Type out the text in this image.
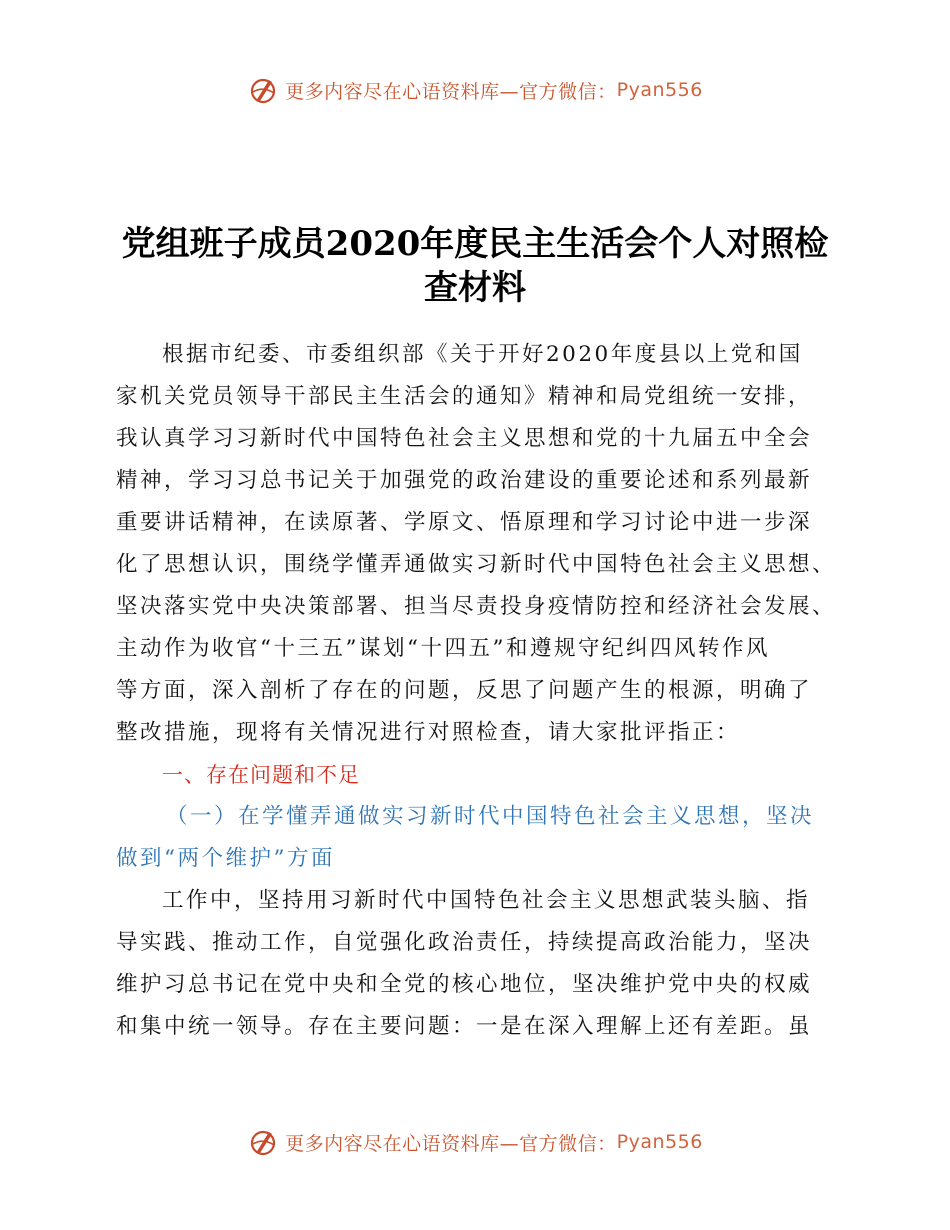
更多内容尽在心语资料库—官方微信： Pyan556
党组班子成员2020年度民主生活会个人对照检
查材料
根据市纪委、市委组织部《关于开好2020年度县以上党和国
家机关党员领导干部民主生活会的通知》精神和局党组统一安排，
我认真学习习新时代中国特色社会主义思想和党的十九届五中全会
精神，学习习总书记关于加强党的政治建设的重要论述和系列最新
重要讲话精神，在读原著、学原文、悟原理和学习讨论中进一步深
化了思想认识，围绕学懂弄通做实习新时代中国特色社会主义思想、
坚决落实党中央决策部署、担当尽责投身疫情防控和经济社会发展、
主动作为收官“十三五”谋划“十四五”和遵规守纪纠四风转作风
等方面，深入剖析了存在的问题，反思了问题产生的根源，明确了
整改措施，现将有关情况进行对照检查，请大家批评指正：
一、存在问题和不足
（一）在学懂弄通做实习新时代中国特色社会主义思想，坚决
做到“两个维护”方面
工作中，坚持用习新时代中国特色社会主义思想武装头脑、指
导实践、推动工作，自觉强化政治责任，持续提高政治能力，坚决
维护习总书记在党中央和全党的核心地位，坚决维护党中央的权威
和集中统一领导。存在主要问题：一是在深入理解上还有差距。虽
更多内容尽在心语资料库—官方微信： Pyan556
